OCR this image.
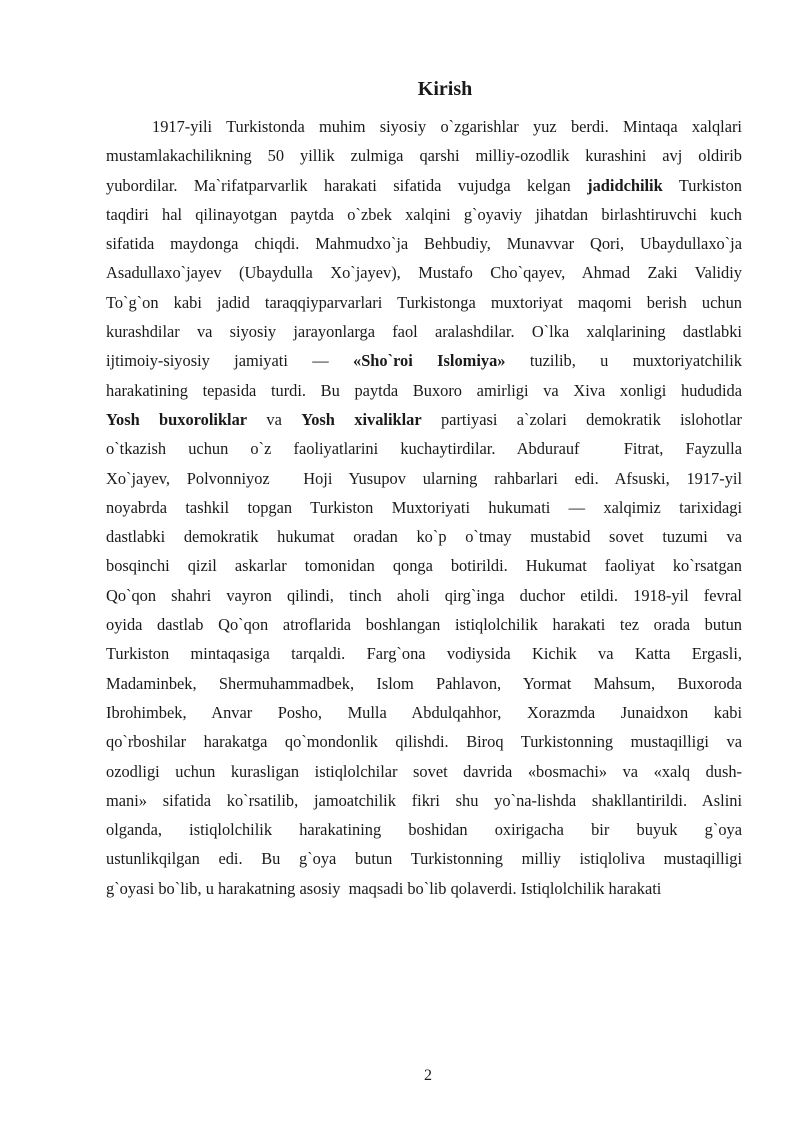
Kirish
1917-yili Turkistonda muhim siyosiy o`zgarishlar yuz berdi. Mintaqa xalqlari
mustamlakachilikning 50 yillik zulmiga qarshi milliy-ozodlik kurashini avj oldirib
yubordilar. Ma`rifatparvarlik harakati sifatida vujudga kelgan jadidchilik Turkiston
taqdiri hal qilinayotgan paytda o`zbek xalqini g`oyaviy jihatdan birlashtiruvchi kuch
sifatida maydonga chiqdi. Mahmudxo`ja Behbudiy, Munavvar Qori, Ubaydullaxo`ja
Asadullaxo`jayev (Ubaydulla Xo`jayev), Mustafo Cho`qayev, Ahmad Zaki Validiy
To`g`on kabi jadid taraqqiyparvarlari Turkistonga muxtoriyat maqomi berish uchun
kurashdilar va siyosiy jarayonlarga faol aralashdilar. O`lka xalqlarining dastlabki
ijtimoiy-siyosiy jamiyati — «Sho`roi Islomiya» tuzilib, u muxtoriyatchilik
harakatining tepasida turdi. Bu paytda Buxoro amirligi va Xiva xonligi hududida
Yosh buxoroliklar va Yosh xivaliklar partiyasi a`zolari demokratik islohotlar
o`tkazish uchun o`z faoliyatlarini kuchaytirdilar. Abdurauf  Fitrat, Fayzulla
Xo`jayev, Polvonniyoz  Hoji Yusupov ularning rahbarlari edi. Afsuski, 1917-yil
noyabrda tashkil topgan Turkiston Muxtoriyati hukumati — xalqimiz tarixidagi
dastlabki demokratik hukumat oradan ko`p o`tmay mustabid sovet tuzumi va
bosqinchi qizil askarlar tomonidan qonga botirildi. Hukumat faoliyat ko`rsatgan
Qo`qon shahri vayron qilindi, tinch aholi qirg`inga duchor etildi. 1918-yil fevral
oyida dastlab Qo`qon atroflarida boshlangan istiqlolchilik harakati tez orada butun
Turkiston mintaqasiga tarqaldi. Farg`ona vodiysida Kichik va Katta Ergasli,
Madaminbek, Shermuhammadbek, Islom Pahlavon, Yormat Mahsum, Buxoroda
Ibrohimbek, Anvar Posho, Mulla Abdulqahhor, Xorazmda Junaidxon kabi
qo`rboshilar harakatga qo`mondonlik qilishdi. Biroq Turkistonning mustaqilligi va
ozodligi uchun kurasligan istiqlolchilar sovet davrida «bosmachi» va «xalq dush-
mani» sifatida ko`rsatilib, jamoatchilik fikri shu yo`na-lishda shakllantirildi. Aslini
olganda, istiqlolchilik harakatining boshidan oxirigacha bir buyuk g`oya
ustunlikqilgan edi. Bu g`oya butun Turkistonning milliy istiqloliva mustaqilligi
g`oyasi bo`lib, u harakatning asosiy  maqsadi bo`lib qolaverdi. Istiqlolchilik harakati
2
